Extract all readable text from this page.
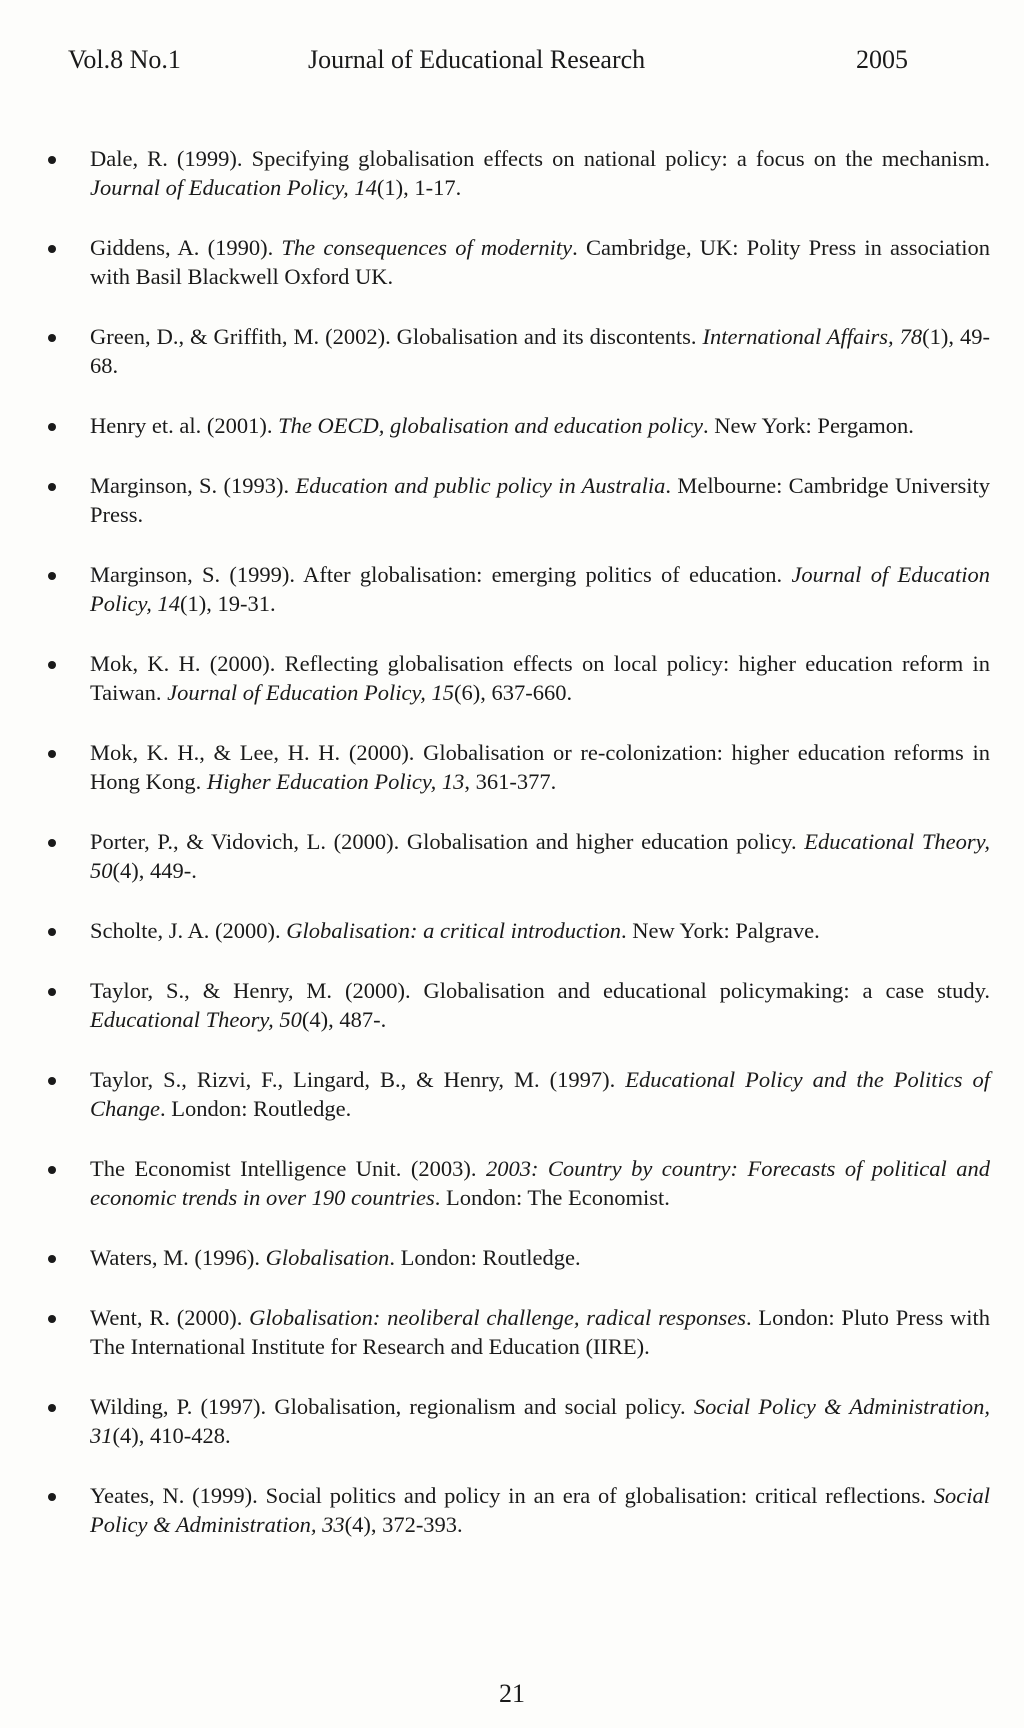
Vol.8 No.1	Journal of Educational Research	2005
Dale, R. (1999). Specifying globalisation effects on national policy: a focus on the mechanism. Journal of Education Policy, 14(1), 1-17.
Giddens, A. (1990). The consequences of modernity. Cambridge, UK: Polity Press in association with Basil Blackwell Oxford UK.
Green, D., & Griffith, M. (2002). Globalisation and its discontents. International Affairs, 78(1), 49-68.
Henry et. al. (2001). The OECD, globalisation and education policy. New York: Pergamon.
Marginson, S. (1993). Education and public policy in Australia. Melbourne: Cambridge University Press.
Marginson, S. (1999). After globalisation: emerging politics of education. Journal of Education Policy, 14(1), 19-31.
Mok, K. H. (2000). Reflecting globalisation effects on local policy: higher education reform in Taiwan. Journal of Education Policy, 15(6), 637-660.
Mok, K. H., & Lee, H. H. (2000). Globalisation or re-colonization: higher education reforms in Hong Kong. Higher Education Policy, 13, 361-377.
Porter, P., & Vidovich, L. (2000). Globalisation and higher education policy. Educational Theory, 50(4), 449-.
Scholte, J. A. (2000). Globalisation: a critical introduction. New York: Palgrave.
Taylor, S., & Henry, M. (2000). Globalisation and educational policymaking: a case study. Educational Theory, 50(4), 487-.
Taylor, S., Rizvi, F., Lingard, B., & Henry, M. (1997). Educational Policy and the Politics of Change. London: Routledge.
The Economist Intelligence Unit. (2003). 2003: Country by country: Forecasts of political and economic trends in over 190 countries. London: The Economist.
Waters, M. (1996). Globalisation. London: Routledge.
Went, R. (2000). Globalisation: neoliberal challenge, radical responses. London: Pluto Press with The International Institute for Research and Education (IIRE).
Wilding, P. (1997). Globalisation, regionalism and social policy. Social Policy & Administration, 31(4), 410-428.
Yeates, N. (1999). Social politics and policy in an era of globalisation: critical reflections. Social Policy & Administration, 33(4), 372-393.
21
